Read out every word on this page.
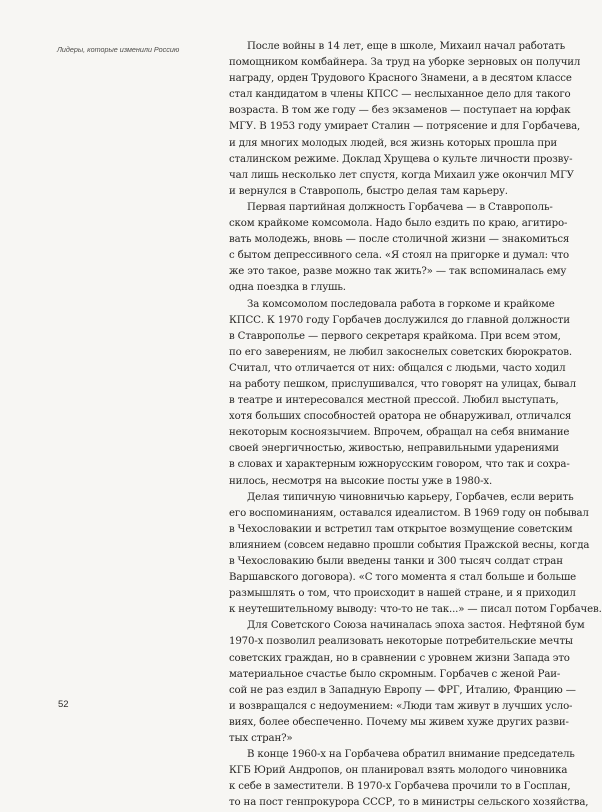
Лидеры, которые изменили Россию	После войны в 14 лет, еще в школе, Михаил начал работать
помощником комбайнера. За труд на уборке зерновых он получил
награду, орден Трудового Красного Знамени, а в десятом классе
стал кандидатом в члены КПСС — неслыханное дело для такого
возраста. В том же году — без экзаменов — поступает на юрфак
МГУ. В 1953 году умирает Сталин — потрясение и для Горбачева,
и для многих молодых людей, вся жизнь которых прошла при
сталинском режиме. Доклад Хрущева о культе личности прозву-
чал лишь несколько лет спустя, когда Михаил уже окончил МГУ
и вернулся в Ставрополь, быстро делая там карьеру.
Первая партийная должность Горбачева — в Ставрополь-
ском крайкоме комсомола. Надо было ездить по краю, агитиро-
вать молодежь, вновь — после столичной жизни — знакомиться
с бытом депрессивного села. «Я стоял на пригорке и думал: что
же это такое, разве можно так жить?» — так вспоминалась ему
одна поездка в глушь.
За комсомолом последовала работа в горкоме и крайкоме
КПСС. К 1970 году Горбачев дослужился до главной должности
в Ставрополье — первого секретаря крайкома. При всем этом,
по его заверениям, не любил закоснелых советских бюрократов.
Считал, что отличается от них: общался с людьми, часто ходил
на работу пешком, прислушивался, что говорят на улицах, бывал
в театре и интересовался местной прессой. Любил выступать,
хотя больших способностей оратора не обнаруживал, отличался
некоторым косноязычием. Впрочем, обращал на себя внимание
своей энергичностью, живостью, неправильными ударениями
в словах и характерным южнорусским говором, что так и сохра-
нилось, несмотря на высокие посты уже в 1980-х.
Делая типичную чиновничью карьеру, Горбачев, если верить
его воспоминаниям, оставался идеалистом. В 1969 году он побывал
в Чехословакии и встретил там открытое возмущение советским
влиянием (совсем недавно прошли события Пражской весны, когда
в Чехословакию были введены танки и 300 тысяч солдат стран
Варшавского договора). «С того момента я стал больше и больше
размышлять о том, что происходит в нашей стране, и я приходил
к неутешительному выводу: что-то не так...» — писал потом Горбачев.
Для Советского Союза начиналась эпоха застоя. Нефтяной бум
1970-х позволил реализовать некоторые потребительские мечты
советских граждан, но в сравнении с уровнем жизни Запада это
материальное счастье было скромным. Горбачев с женой Раи-
сой не раз ездил в Западную Европу — ФРГ, Италию, Францию —
и возвращался с недоумением: «Люди там живут в лучших усло-
виях, более обеспеченно. Почему мы живем хуже других разви-
тых стран?»
В конце 1960-х на Горбачева обратил внимание председатель
КГБ Юрий Андропов, он планировал взять молодого чиновника
к себе в заместители. В 1970-х Горбачева прочили то в Госплан,
то на пост генпрокурора СССР, то в министры сельского хозяйства,
52
